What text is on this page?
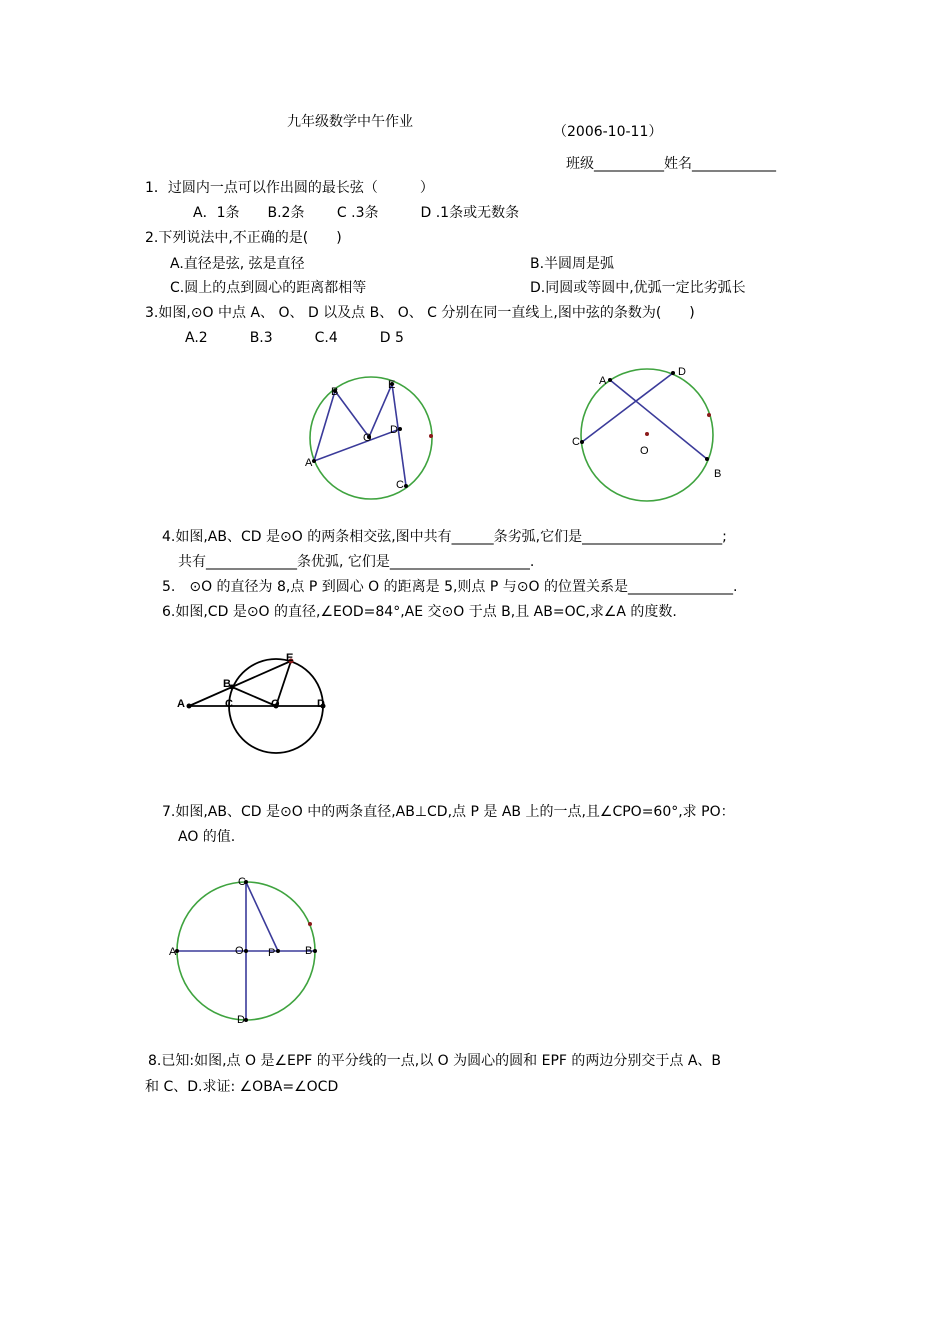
九年级数学中午作业
（2006-10-11）
班级__________姓名____________
1．过圆内一点可以作出圆的最长弦（　　　）
A．1条　　B.2条　　 C .3条　　　D .1条或无数条
2.下列说法中,不正确的是(　　)
A.直径是弦, 弦是直径	B.半圆周是弧
C.圆上的点到圆心的距离都相等	D.同圆或等圆中,优弧一定比劣弧长
3.如图,⊙O 中点 A、 O、 D 以及点 B、 O、 C 分别在同一直线上,图中弦的条数为(　　)
A.2　　　B.3　　　C.4　　　D 5
A
B
E
O
D
C
A
D
C
O
B
4.如图,AB、CD 是⊙O 的两条相交弦,图中共有______条劣弧,它们是____________________;
共有_____________条优弧, 它们是____________________.
5.　⊙O 的直径为 8,点 P 到圆心 O 的距离是 5,则点 P 与⊙O 的位置关系是_______________.
6.如图,CD 是⊙O 的直径,∠EOD=84°,AE 交⊙O 于点 B,且 AB=OC,求∠A 的度数.
A
B
C	O	D
E
7.如图,AB、CD 是⊙O 中的两条直径,AB⊥CD,点 P 是 AB 上的一点,且∠CPO=60°,求 PO：
AO 的值.
C
A	O P	B
D
8.已知:如图,点 O 是∠EPF 的平分线的一点,以 O 为圆心的圆和 EPF 的两边分别交于点 A、B
和 C、D.求证: ∠OBA=∠OCD
